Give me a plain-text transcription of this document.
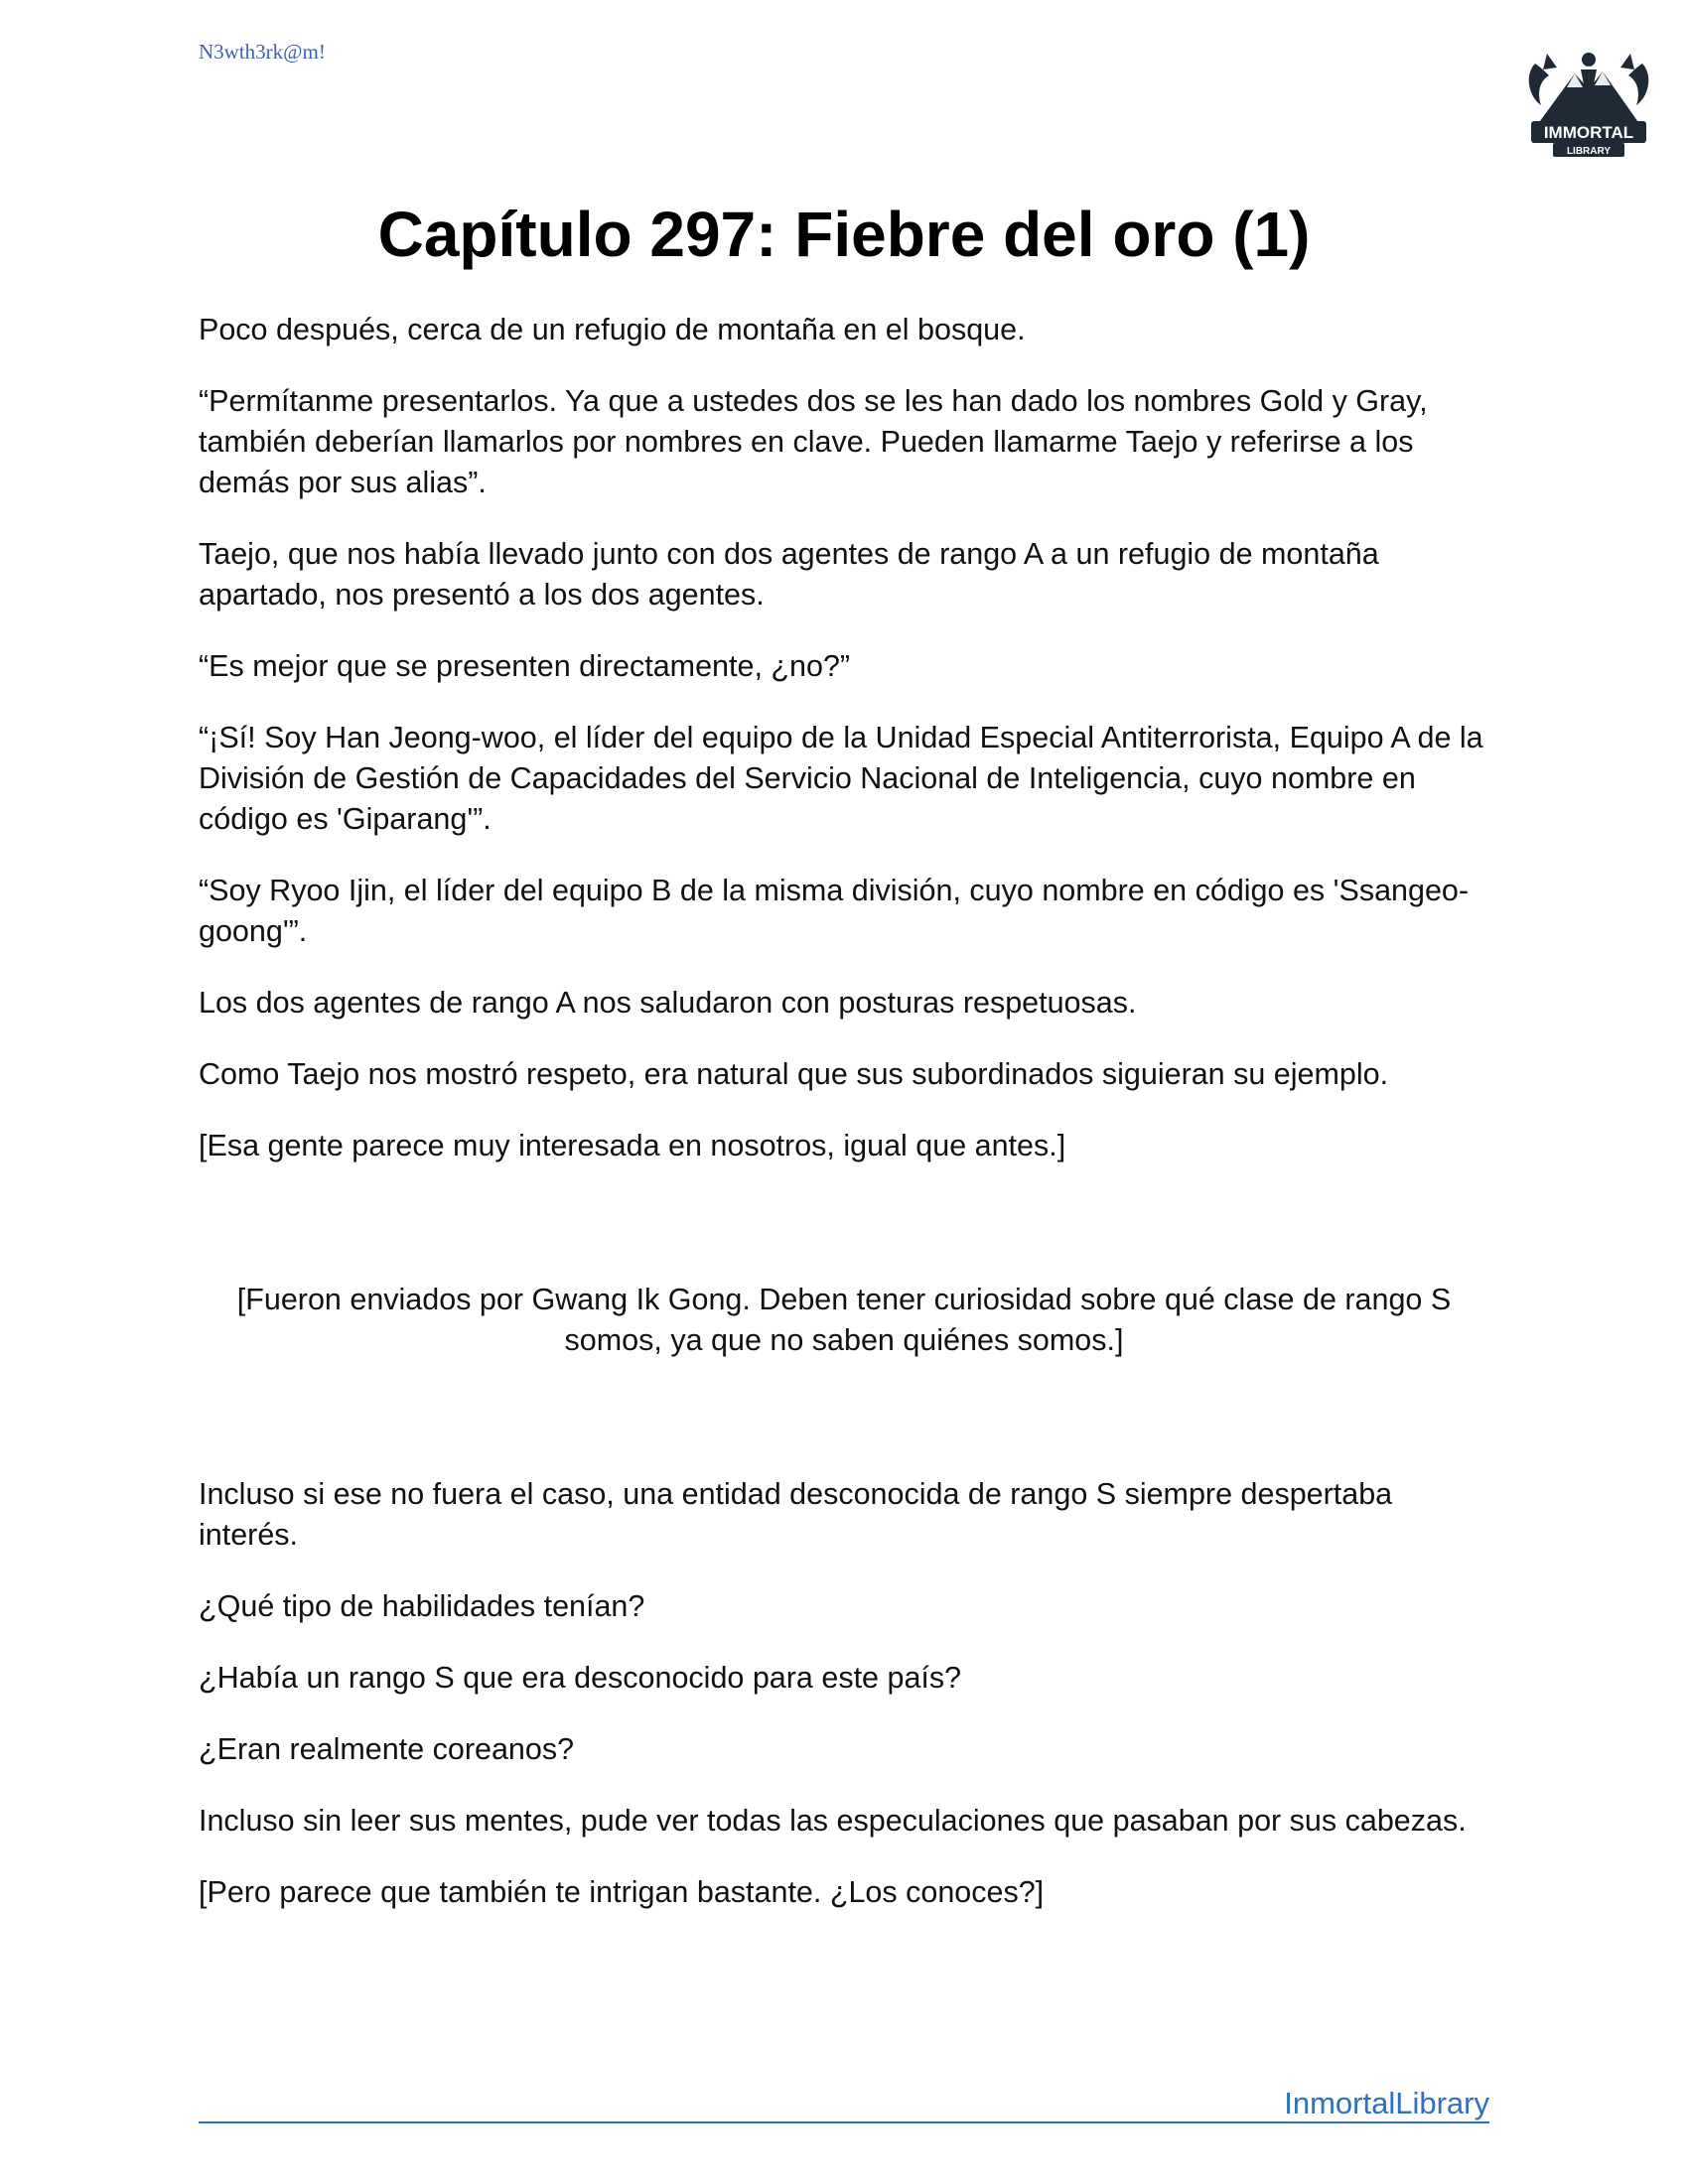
N3wth3rk@m!
IMMORTAL
LIBRARY
Capítulo 297: Fiebre del oro (1)

Poco después, cerca de un refugio de montaña en el bosque.

“Permítanme presentarlos. Ya que a ustedes dos se les han dado los nombres Gold y Gray, también deberían llamarlos por nombres en clave. Pueden llamarme Taejo y referirse a los demás por sus alias”.

Taejo, que nos había llevado junto con dos agentes de rango A a un refugio de montaña apartado, nos presentó a los dos agentes.

“Es mejor que se presenten directamente, ¿no?”

“¡Sí! Soy Han Jeong-woo, el líder del equipo de la Unidad Especial Antiterrorista, Equipo A de la División de Gestión de Capacidades del Servicio Nacional de Inteligencia, cuyo nombre en código es 'Giparang'”.

“Soy Ryoo Ijin, el líder del equipo B de la misma división, cuyo nombre en código es 'Ssangeo-goong'”.

Los dos agentes de rango A nos saludaron con posturas respetuosas.

Como Taejo nos mostró respeto, era natural que sus subordinados siguieran su ejemplo.

[Esa gente parece muy interesada en nosotros, igual que antes.]

[Fueron enviados por Gwang Ik Gong. Deben tener curiosidad sobre qué clase de rango S somos, ya que no saben quiénes somos.]

Incluso si ese no fuera el caso, una entidad desconocida de rango S siempre despertaba interés.

¿Qué tipo de habilidades tenían?

¿Había un rango S que era desconocido para este país?

¿Eran realmente coreanos?

Incluso sin leer sus mentes, pude ver todas las especulaciones que pasaban por sus cabezas.

[Pero parece que también te intrigan bastante. ¿Los conoces?]

InmortalLibrary
